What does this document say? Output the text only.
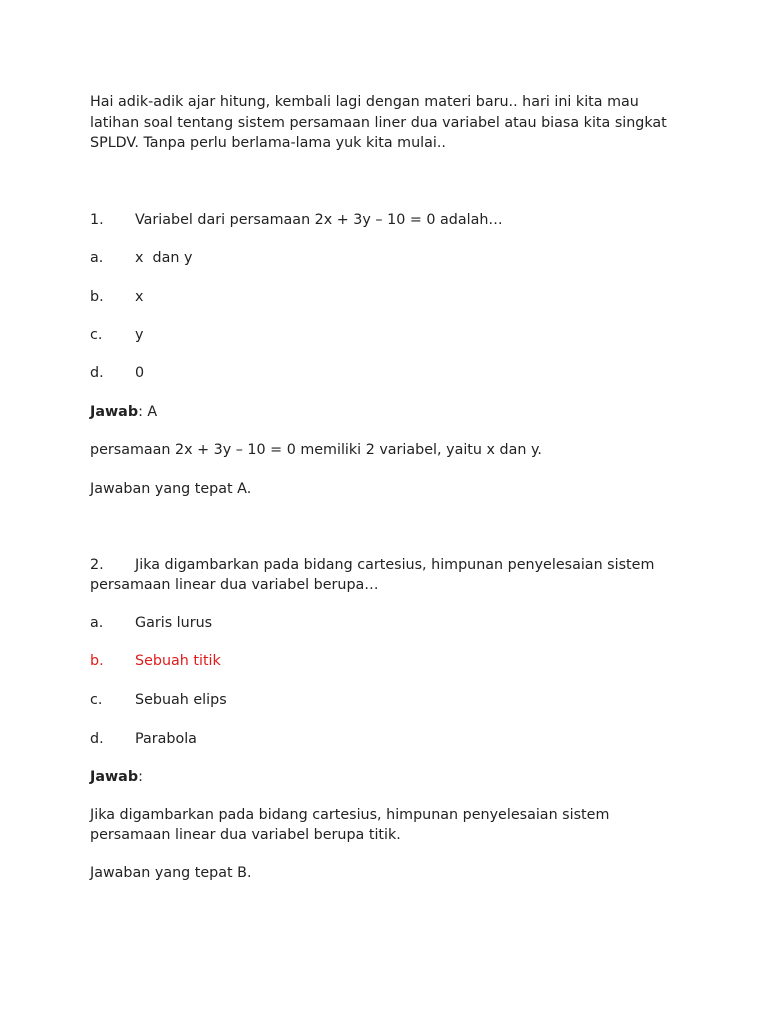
Hai adik-adik ajar hitung, kembali lagi dengan materi baru.. hari ini kita mau latihan soal tentang sistem persamaan liner dua variabel atau biasa kita singkat SPLDV. Tanpa perlu berlama-lama yuk kita mulai..

1. Variabel dari persamaan 2x + 3y – 10 = 0 adalah…
a. x  dan y
b. x
c. y
d. 0
Jawab: A
persamaan 2x + 3y – 10 = 0 memiliki 2 variabel, yaitu x dan y.
Jawaban yang tepat A.
2. Jika digambarkan pada bidang cartesius, himpunan penyelesaian sistem persamaan linear dua variabel berupa…
a. Garis lurus
b. Sebuah titik
c. Sebuah elips
d. Parabola
Jawab:

Jika digambarkan pada bidang cartesius, himpunan penyelesaian sistem persamaan linear dua variabel berupa titik.

Jawaban yang tepat B.
